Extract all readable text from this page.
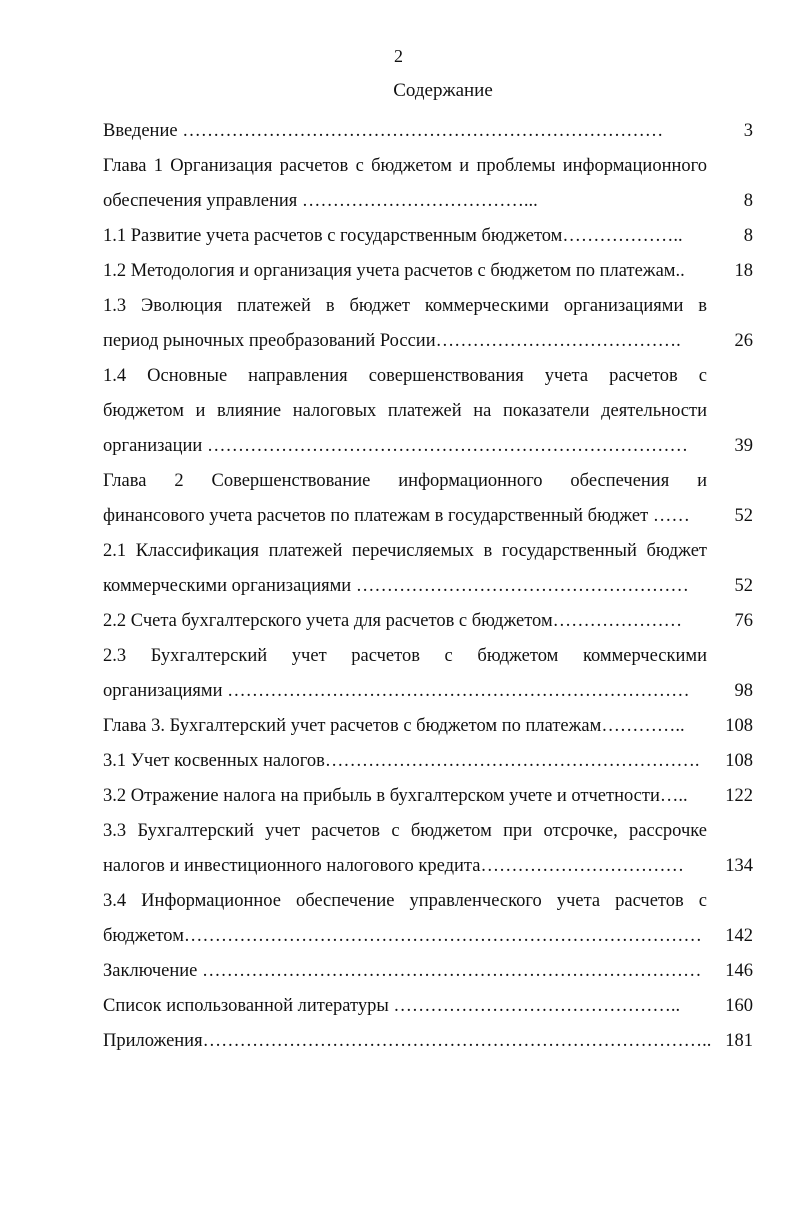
2
Содержание
Введение ……………………………………………………………………	3
Глава 1 Организация расчетов с бюджетом и проблемы информационного
обеспечения управления ………………………………...	8
1.1 Развитие учета расчетов с государственным бюджетом………………..	8
1.2 Методология и организация учета расчетов с бюджетом по платежам..	18
1.3 Эволюция платежей в бюджет коммерческими организациями в
период рыночных преобразований России………………………………….	26
1.4 Основные направления совершенствования учета расчетов с
бюджетом и влияние налоговых платежей на показатели деятельности
организации ……………………………………………………………………	39
Глава 2 Совершенствование информационного обеспечения и
финансового учета расчетов по платежам в государственный бюджет …… 52
2.1 Классификация платежей перечисляемых в государственный бюджет
коммерческими организациями ……………………………………………… 52
2.2 Счета бухгалтерского учета для расчетов с бюджетом…………………	76
2.3 Бухгалтерский учет расчетов с бюджетом коммерческими
организациями ………………………………………………………………… 98
Глава 3. Бухгалтерский учет расчетов с бюджетом по платежам………….. 108
3.1 Учет косвенных налогов……………………………………………………. 108
3.2 Отражение налога на прибыль в бухгалтерском учете и отчетности….. 122
3.3 Бухгалтерский учет расчетов с бюджетом при отсрочке, рассрочке
налогов и инвестиционного налогового кредита…………………………… 134
3.4 Информационное обеспечение управленческого учета расчетов с
бюджетом………………………………………………………………………… 142
Заключение ……………………………………………………………………… 146
Список использованной литературы ……………………………………….. 160
Приложения……………………………………………………………………….. 181
